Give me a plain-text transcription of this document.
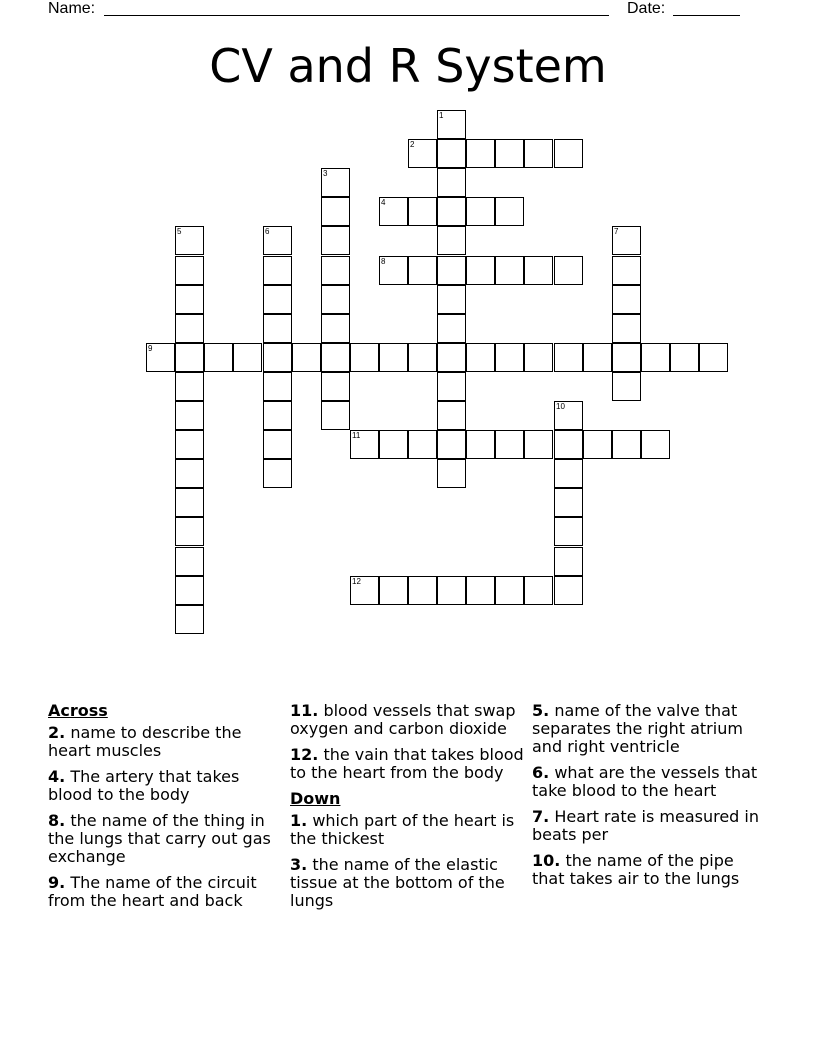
Name:	Date:
CV and R System
1
2
3
4
5	6	7
8
9
10
11
12
Across
2. name to describe the heart muscles
4. The artery that takes blood to the body
8. the name of the thing in the lungs that carry out gas exchange
9. The name of the circuit from the heart and back
11. blood vessels that swap oxygen and carbon dioxide
12. the vain that takes blood to the heart from the body
Down
1. which part of the heart is the thickest
3. the name of the elastic tissue at the bottom of the lungs
5. name of the valve that separates the right atrium and right ventricle
6. what are the vessels that take blood to the heart
7. Heart rate is measured in beats per
10. the name of the pipe that takes air to the lungs
